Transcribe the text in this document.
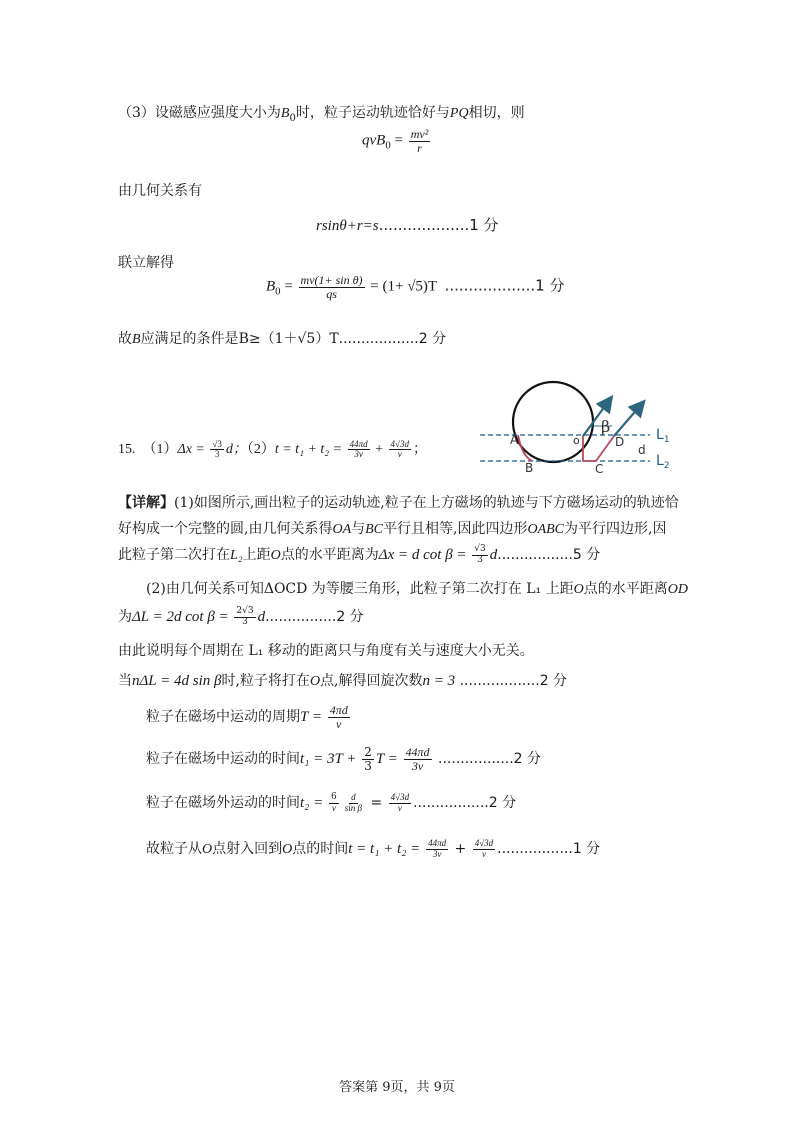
（3）设磁感应强度大小为$B_0$时，粒子运动轨迹恰好与PQ相切，则
$qvB_0 = \frac{\text{mv²}}{r}$
由几何关系有
rsinθ+r=s...................1 分
联立解得
$B_0 = \frac{\text{mv(1+ sin θ)}}{qs} = (1+ √5)T$ ...................1 分
故B应满足的条件是B≥（1＋√5）T..................2 分
15. $(1)\Delta x = \frac{√3}{3}$ d；$(2)t = t_1 + t_2 = \frac{44\pi d}{3v} + \frac{4√3d}{v}$ ；
A
B	C
D
o
β
d
$L_1$
$L_2$
【详解】(1)如图所示,画出粒子的运动轨迹,粒子在上方磁场的轨迹与下方磁场运动的轨迹恰
好构成一个完整的圆,由几何关系得OA与BC平行且相等,因此四边形OABC为平行四边形,因
此粒子第二次打在L₂上距O点的水平距离为Δx = d $\cot \beta = \frac{√3}{3} d.................5$ 分
(2)由几何关系可知ΔOCD 为等腰三角形，此粒子第二次打在 L₁ 上距O点的水平距离OD
为ΔL = 2d $\cot \beta = \frac{2√3}{3} d................2$ 分
由此说明每个周期在 L₁ 移动的距离只与角度有关与速度大小无关。
当nΔL = 4d sin β时,粒子将打在O点,解得回旋次数n = 3 ..................2 分
粒子在磁场中运动的周期$T = \frac{4\pi d}{v}$
粒子在磁场中运动的时间$t_1 = 3T + \frac{2}{3}$ $T = \frac{44\pi d}{3v} .................2$ 分
粒子在磁场外运动的时间$t_2 = \frac{6}{v} \frac{d}{\text{sin β}} = \frac{4√3d}{v} .................2$ 分
故粒子从O点射入回到O点的时间$t = t_1 + t_2 = \frac{44\pi d}{3v} + \frac{4√3d}{v} .................1$ 分
答案第 9页，共 9页
